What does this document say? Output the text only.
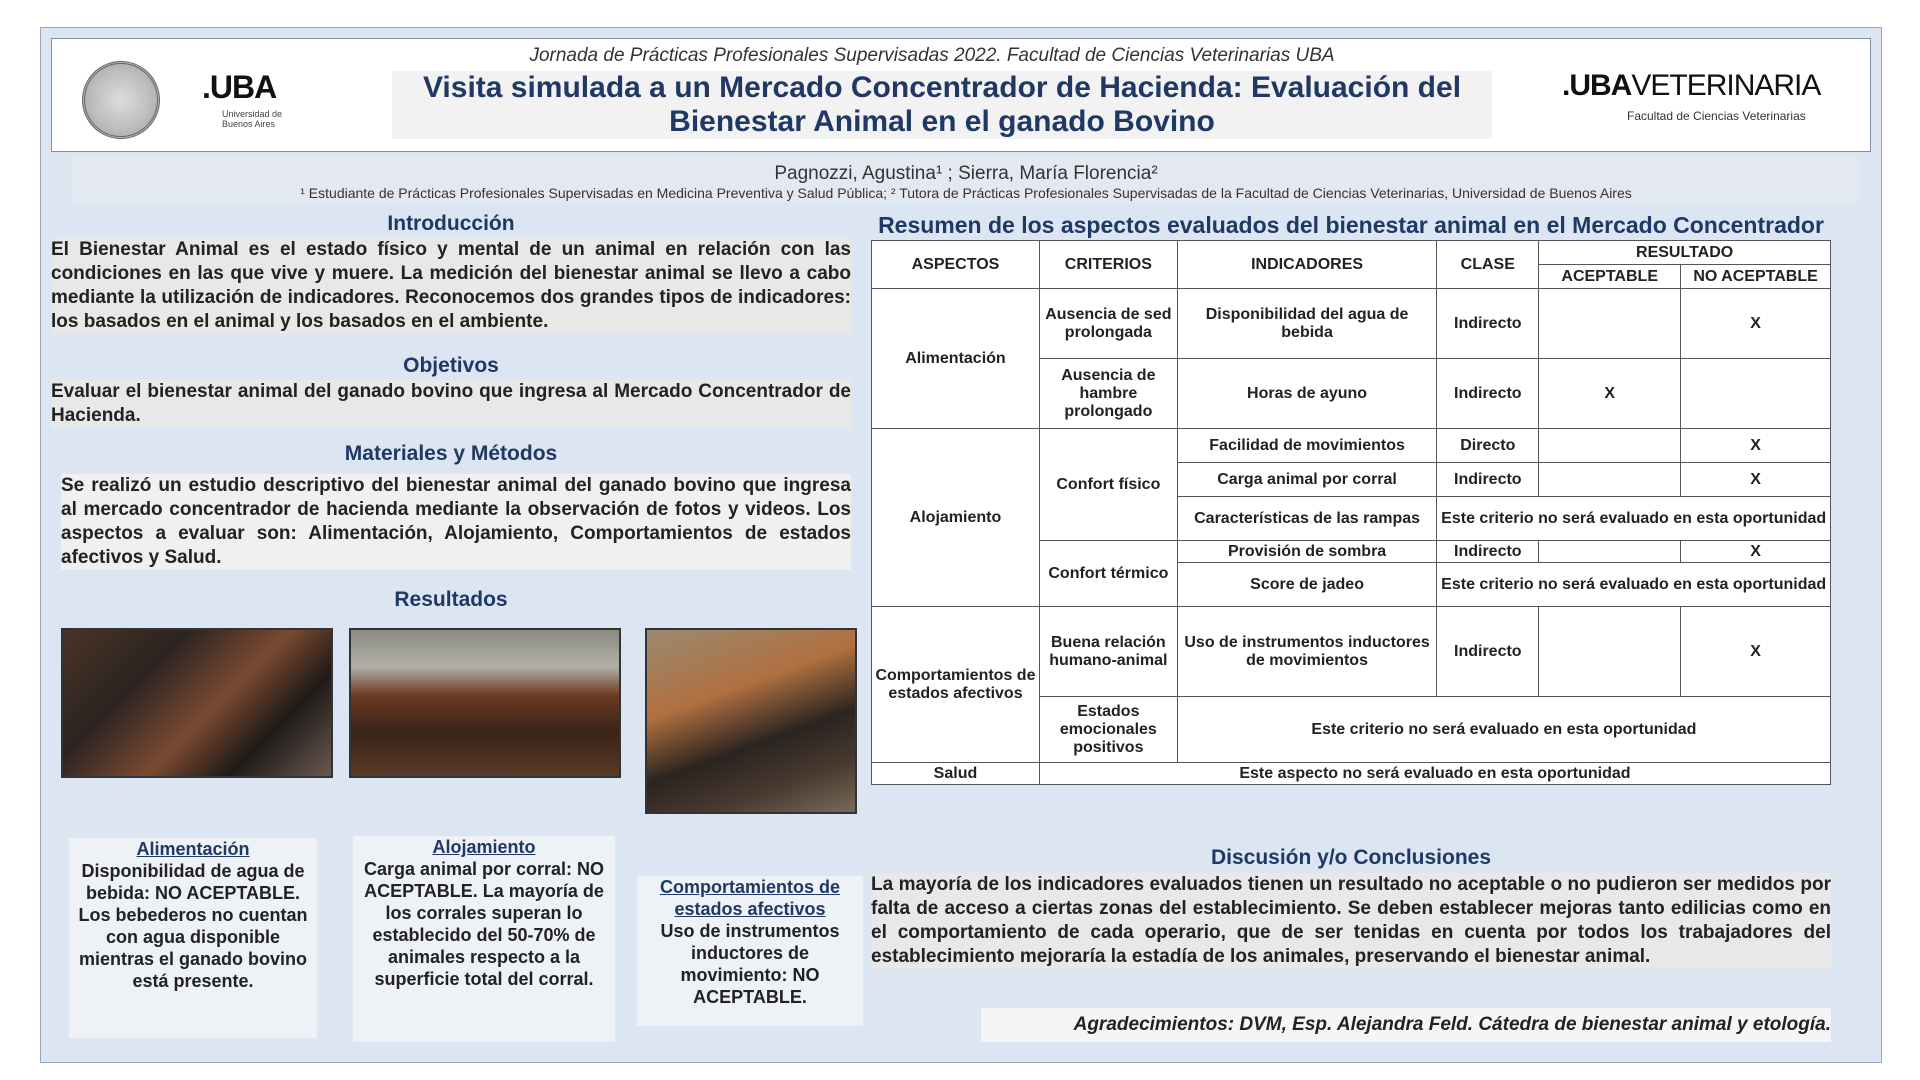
.UBA
Universidad de Buenos Aires
Jornada de Prácticas Profesionales Supervisadas 2022. Facultad de Ciencias Veterinarias UBA
Visita simulada a un Mercado Concentrador de Hacienda: Evaluación del Bienestar Animal en el ganado Bovino
.UBAVETERINARIA
Facultad de Ciencias Veterinarias
Pagnozzi, Agustina¹ ; Sierra, María Florencia²
¹ Estudiante de Prácticas Profesionales Supervisadas en Medicina Preventiva y Salud Pública; ² Tutora de Prácticas Profesionales Supervisadas de la Facultad de Ciencias Veterinarias, Universidad de Buenos Aires
Introducción
El Bienestar Animal es el estado físico y mental de un animal en relación con las condiciones en las que vive y muere. La medición del bienestar animal se llevo a cabo mediante la utilización de indicadores. Reconocemos dos grandes tipos de indicadores: los basados en el animal y los basados en el ambiente.
Objetivos
Evaluar el bienestar animal del ganado bovino que ingresa al Mercado Concentrador de Hacienda.
Materiales y Métodos
Se realizó un estudio descriptivo del bienestar animal del ganado bovino que ingresa al mercado concentrador de hacienda mediante la observación de fotos y videos. Los aspectos a evaluar son: Alimentación, Alojamiento, Comportamientos de estados afectivos y Salud.
Resultados
Alimentación
Disponibilidad de agua de bebida: NO ACEPTABLE. Los bebederos no cuentan con agua disponible mientras el ganado bovino está presente.
Alojamiento
Carga animal por corral: NO ACEPTABLE. La mayoría de los corrales superan lo establecido del 50-70% de animales respecto a la superficie total del corral.
Comportamientos de estados afectivos
Uso de instrumentos inductores de movimiento: NO ACEPTABLE.
Resumen de los aspectos evaluados del bienestar animal en el Mercado Concentrador
ASPECTOS	CRITERIOS	INDICADORES	CLASE	RESULTADO	
				ACEPTABLE	NO ACEPTABLE
Alimentación	Ausencia de sed prolongada	Disponibilidad del agua de bebida	Indirecto		X
	Ausencia de hambre prolongado	Horas de ayuno	Indirecto	X	
Alojamiento	Confort físico	Facilidad de movimientos	Directo		X
		Carga animal por corral	Indirecto		X
		Características de las rampas	Este criterio no será evaluado en esta oportunidad		
	Confort térmico	Provisión de sombra	Indirecto		X
		Score de jadeo	Este criterio no será evaluado en esta oportunidad		
Comportamientos de estados afectivos	Buena relación humano-animal	Uso de instrumentos inductores de movimientos	Indirecto		X
	Estados emocionales positivos	Este criterio no será evaluado en esta oportunidad			
Salud	Este aspecto no será evaluado en esta oportunidad				
Discusión y/o Conclusiones
La mayoría de los indicadores evaluados tienen un resultado no aceptable o no pudieron ser medidos por falta de acceso a ciertas zonas del establecimiento. Se deben establecer mejoras tanto edilicias como en el comportamiento de cada operario, que de ser tenidas en cuenta por todos los trabajadores del establecimiento mejoraría la estadía de los animales, preservando el bienestar animal.
Agradecimientos: DVM, Esp. Alejandra Feld. Cátedra de bienestar animal y etología.
